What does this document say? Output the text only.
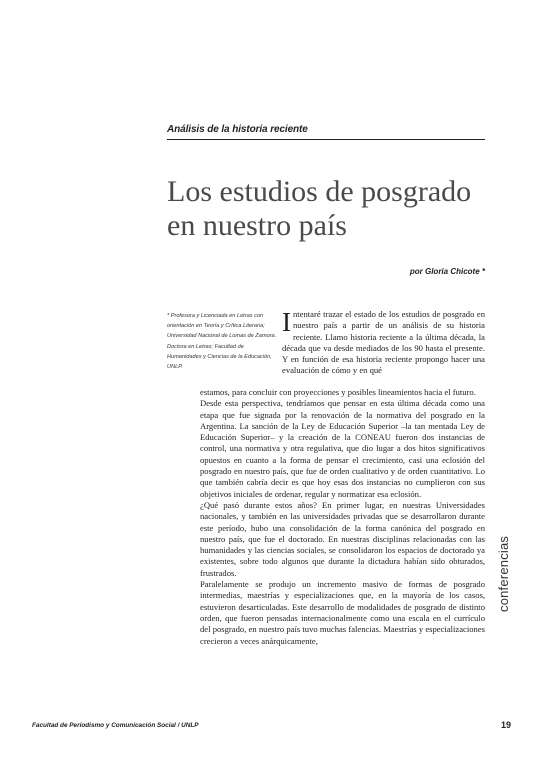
Análisis de la historia reciente
Los estudios de posgrado en nuestro país
por Gloria Chicote *
* Profesora y Licenciada en Letras con orientación en Teoría y Crítica Literaria; Universidad Nacional de Lomas de Zamora. Doctora en Letras; Facultad de Humanidades y Ciencias de la Educación, UNLP.
Intentaré trazar el estado de los estudios de posgrado en nuestro país a partir de un análisis de su historia reciente. Llamo historia reciente a la última década, la década que va desde mediados de los 90 hasta el presente. Y en función de esa historia reciente propongo hacer una evaluación de cómo y en qué

estamos, para concluir con proyecciones y posibles lineamientos hacia el futuro.

Desde esta perspectiva, tendríamos que pensar en esta última década como una etapa que fue signada por la renovación de la normativa del posgrado en la Argentina. La sanción de la Ley de Educación Superior –la tan mentada Ley de Educación Superior– y la creación de la CONEAU fueron dos instancias de control, una normativa y otra regulativa, que dio lugar a dos hitos significativos opuestos en cuanto a la forma de pensar el crecimiento, casi una eclosión del posgrado en nuestro país, que fue de orden cualitativo y de orden cuantitativo. Lo que también cabría decir es que hoy esas dos instancias no cumplieron con sus objetivos iniciales de ordenar, regular y normatizar esa eclosión.

¿Qué pasó durante estos años? En primer lugar, en nuestras Universidades nacionales, y también en las universidades privadas que se desarrollaron durante este período, hubo una consolidación de la forma canónica del posgrado en nuestro país, que fue el doctorado. En nuestras disciplinas relacionadas con las humanidades y las ciencias sociales, se consolidaron los espacios de doctorado ya existentes, sobre todo algunos que durante la dictadura habían sido obturados, frustrados.

Paralelamente se produjo un incremento masivo de formas de posgrado intermedias, maestrías y especializaciones que, en la mayoría de los casos, estuvieron desarticuladas. Este desarrollo de modalidades de posgrado de distinto orden, que fueron pensadas internacionalmente como una escala en el currículo del posgrado, en nuestro país tuvo muchas falencias. Maestrías y especializaciones crecieron a veces anárquicamente,

conferencias
Facultad de Periodismo y Comunicación Social / UNLP	19
